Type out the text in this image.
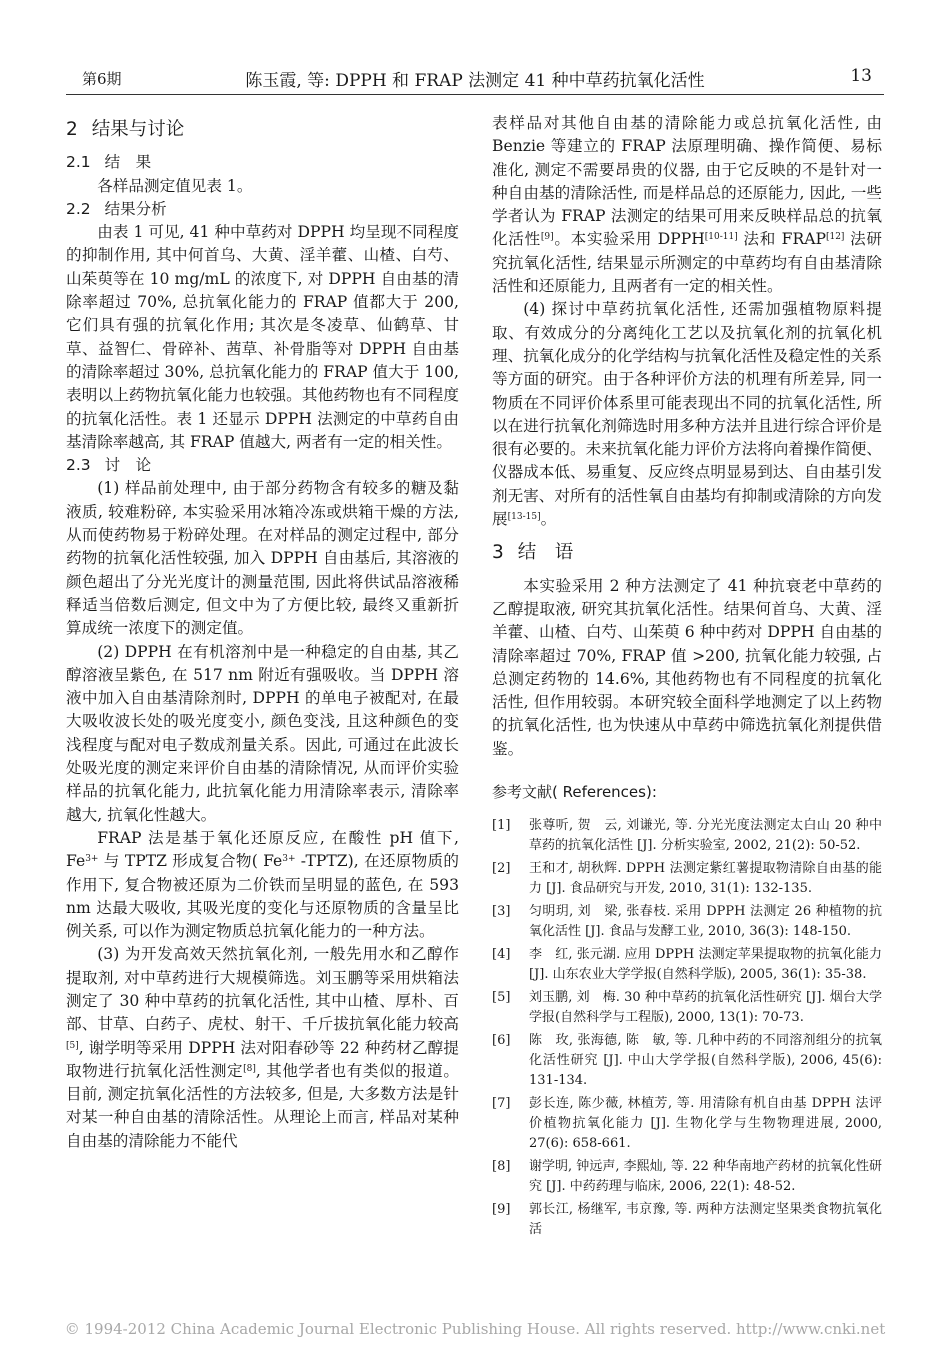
第6期	陈玉霞, 等: DPPH 和 FRAP 法测定 41 种中草药抗氧化活性	13
2 结果与讨论
2.1 结　果

各样品测定值见表 1。

2.2 结果分析

由表 1 可见, 41 种中草药对 DPPH 均呈现不同程度的抑制作用, 其中何首乌、大黄、淫羊藿、山楂、白芍、山茱萸等在 10 mg/mL 的浓度下, 对 DPPH 自由基的清除率超过 70%, 总抗氧化能力的 FRAP 值都大于 200, 它们具有强的抗氧化作用; 其次是冬凌草、仙鹤草、甘草、益智仁、骨碎补、茜草、补骨脂等对 DPPH 自由基的清除率超过 30%, 总抗氧化能力的 FRAP 值大于 100, 表明以上药物抗氧化能力也较强。其他药物也有不同程度的抗氧化活性。表 1 还显示 DPPH 法测定的中草药自由基清除率越高, 其 FRAP 值越大, 两者有一定的相关性。

2.3 讨　论

(1) 样品前处理中, 由于部分药物含有较多的糖及黏液质, 较难粉碎, 本实验采用冰箱冷冻或烘箱干燥的方法, 从而使药物易于粉碎处理。在对样品的测定过程中, 部分药物的抗氧化活性较强, 加入 DPPH 自由基后, 其溶液的颜色超出了分光光度计的测量范围, 因此将供试品溶液稀释适当倍数后测定, 但文中为了方便比较, 最终又重新折算成统一浓度下的测定值。

(2) DPPH 在有机溶剂中是一种稳定的自由基, 其乙醇溶液呈紫色, 在 517 nm 附近有强吸收。当 DPPH 溶液中加入自由基清除剂时, DPPH 的单电子被配对, 在最大吸收波长处的吸光度变小, 颜色变浅, 且这种颜色的变浅程度与配对电子数成剂量关系。因此, 可通过在此波长处吸光度的测定来评价自由基的清除情况, 从而评价实验样品的抗氧化能力, 此抗氧化能力用清除率表示, 清除率越大, 抗氧化性越大。

FRAP 法是基于氧化还原反应, 在酸性 pH 值下, $Fe^{3+}$ 与 TPTZ 形成复合物( $Fe^{3+}$ -TPTZ), 在还原物质的作用下, 复合物被还原为二价铁而呈明显的蓝色, 在 593 nm 达最大吸收, 其吸光度的变化与还原物质的含量呈比例关系, 可以作为测定物质总抗氧化能力的一种方法。

(3) 为开发高效天然抗氧化剂, 一般先用水和乙醇作提取剂, 对中草药进行大规模筛选。刘玉鹏等采用烘箱法测定了 30 种中草药的抗氧化活性, 其中山楂、厚朴、百部、甘草、白药子、虎杖、射干、千斤拔抗氧化能力较高[5], 谢学明等采用 DPPH 法对阳春砂等 22 种药材乙醇提取物进行抗氧化活性测定[8], 其他学者也有类似的报道。目前, 测定抗氧化活性的方法较多, 但是, 大多数方法是针对某一种自由基的清除活性。从理论上而言, 样品对某种自由基的清除能力不能代

表样品对其他自由基的清除能力或总抗氧化活性, 由 Benzie 等建立的 FRAP 法原理明确、操作简便、易标准化, 测定不需要昂贵的仪器, 由于它反映的不是针对一种自由基的清除活性, 而是样品总的还原能力, 因此, 一些学者认为 FRAP 法测定的结果可用来反映样品总的抗氧化活性[9]。本实验采用 DPPH[10-11] 法和 FRAP[12] 法研究抗氧化活性, 结果显示所测定的中草药均有自由基清除活性和还原能力, 且两者有一定的相关性。

(4) 探讨中草药抗氧化活性, 还需加强植物原料提取、有效成分的分离纯化工艺以及抗氧化剂的抗氧化机理、抗氧化成分的化学结构与抗氧化活性及稳定性的关系等方面的研究。由于各种评价方法的机理有所差异, 同一物质在不同评价体系里可能表现出不同的抗氧化活性, 所以在进行抗氧化剂筛选时用多种方法并且进行综合评价是很有必要的。未来抗氧化能力评价方法将向着操作简便、仪器成本低、易重复、反应终点明显易到达、自由基引发剂无害、对所有的活性氧自由基均有抑制或清除的方向发展[13-15]。

3 结　语

本实验采用 2 种方法测定了 41 种抗衰老中草药的乙醇提取液, 研究其抗氧化活性。结果何首乌、大黄、淫羊藿、山楂、白芍、山茱萸 6 种中药对 DPPH 自由基的清除率超过 70%, FRAP 值 >200, 抗氧化能力较强, 占总测定药物的 14.6%, 其他药物也有不同程度的抗氧化活性, 但作用较弱。本研究较全面科学地测定了以上药物的抗氧化活性, 也为快速从中草药中筛选抗氧化剂提供借鉴。

参考文献( References):
[1] 张尊听, 贺　云, 刘谦光, 等. 分光光度法测定太白山 20 种中草药的抗氧化活性 [J]. 分析实验室, 2002, 21(2): 50-52.
[2] 王和才, 胡秋辉. DPPH 法测定紫红薯提取物清除自由基的能力 [J]. 食品研究与开发, 2010, 31(1): 132-135.
[3] 匀明玥, 刘　梁, 张春枝. 采用 DPPH 法测定 26 种植物的抗氧化活性 [J]. 食品与发酵工业, 2010, 36(3): 148-150.
[4] 李　红, 张元湖. 应用 DPPH 法测定苹果提取物的抗氧化能力 [J]. 山东农业大学学报(自然科学版), 2005, 36(1): 35-38.
[5] 刘玉鹏, 刘　梅. 30 种中草药的抗氧化活性研究 [J]. 烟台大学学报(自然科学与工程版), 2000, 13(1): 70-73.
[6] 陈　玫, 张海德, 陈　敏, 等. 几种中药的不同溶剂组分的抗氧化活性研究 [J]. 中山大学学报(自然科学版), 2006, 45(6): 131-134.
[7] 彭长连, 陈少薇, 林植芳, 等. 用清除有机自由基 DPPH 法评价植物抗氧化能力 [J]. 生物化学与生物物理进展, 2000, 27(6): 658-661.
[8] 谢学明, 钟远声, 李熙灿, 等. 22 种华南地产药材的抗氧化性研究 [J]. 中药药理与临床, 2006, 22(1): 48-52.
[9] 郭长江, 杨继军, 韦京豫, 等. 两种方法测定坚果类食物抗氧化活
© 1994-2012 China Academic Journal Electronic Publishing House. All rights reserved. http://www.cnki.net
